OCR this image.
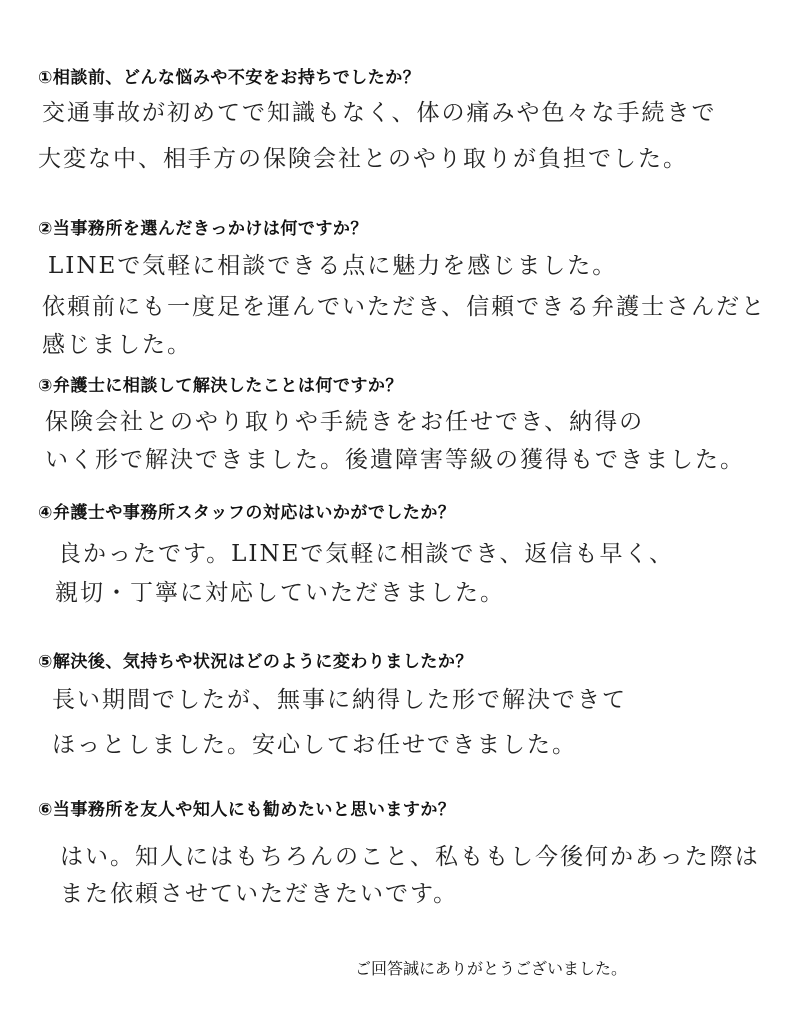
①相談前、どんな悩みや不安をお持ちでしたか？
交通事故が初めてで知識もなく、体の痛みや色々な手続きで
大変な中、相手方の保険会社とのやり取りが負担でした。
②当事務所を選んだきっかけは何ですか？
LINEで気軽に相談できる点に魅力を感じました。
依頼前にも一度足を運んでいただき、信頼できる弁護士さんだと
感じました。
③弁護士に相談して解決したことは何ですか？
保険会社とのやり取りや手続きをお任せでき、納得の
いく形で解決できました。後遺障害等級の獲得もできました。
④弁護士や事務所スタッフの対応はいかがでしたか？
良かったです。LINEで気軽に相談でき、返信も早く、
親切・丁寧に対応していただきました。
⑤解決後、気持ちや状況はどのように変わりましたか？
長い期間でしたが、無事に納得した形で解決できて
ほっとしました。安心してお任せできました。
⑥当事務所を友人や知人にも勧めたいと思いますか？
はい。知人にはもちろんのこと、私ももし今後何かあった際は
また依頼させていただきたいです。
ご回答誠にありがとうございました。
